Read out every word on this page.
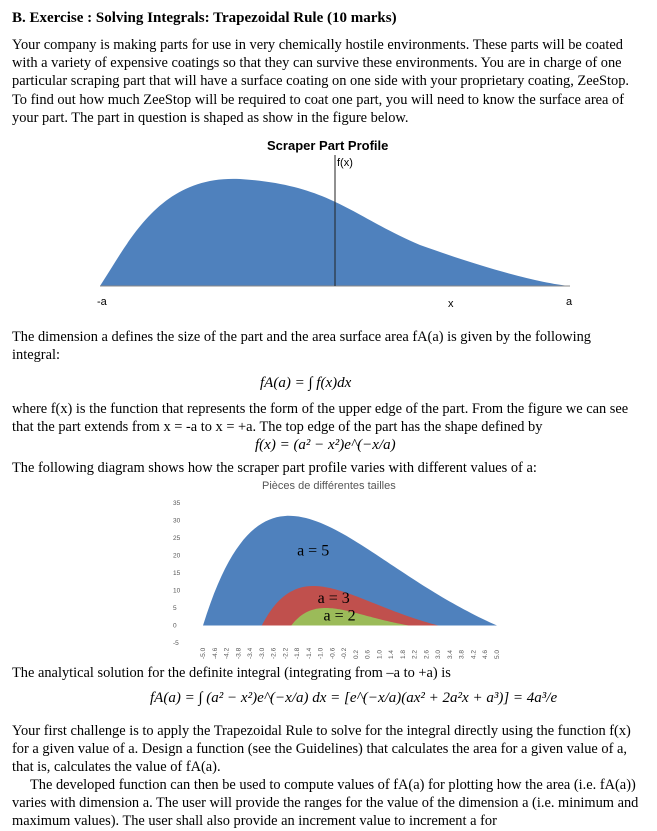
B. Exercise : Solving Integrals: Trapezoidal Rule (10 marks)
Your company is making parts for use in very chemically hostile environments. These parts will be coated with a variety of expensive coatings so that they can survive these environments. You are in charge of one particular scraping part that will have a surface coating on one side with your proprietary coating, ZeeStop. To find out how much ZeeStop will be required to coat one part, you will need to know the surface area of your part. The part in question is shaped as show in the figure below.
Scraper Part Profile
f(x)
-a	x	a
The dimension a defines the size of the part and the area surface area fA(a) is given by the following integral:
fA(a) = ∫ f(x)dx
where f(x) is the function that represents the form of the upper edge of the part. From the figure we can see that the part extends from x = -a to x = +a. The top edge of the part has the shape defined by
f(x) = (a² − x²)e^(−x/a)
The following diagram shows how the scraper part profile varies with different values of a:
Pièces de différentes tailles
-5
0
5
10
15
20
25
30
35
a = 5
a = 3
a = 2
-5.0 -4.6 -4.2 -3.8 -3.4 -3.0 -2.6 -2.2 -1.8 -1.4 -1.0 -0.6 -0.2 0.2 0.6 1.0 1.4 1.8 2.2 2.6 3.0 3.4 3.8 4.2 4.6 5.0
The analytical solution for the definite integral (integrating from –a to +a) is
fA(a) = ∫ (a² − x²)e^(−x/a) dx = [e^(−x/a)(ax² + 2a²x + a³)] = 4a³/e
Your first challenge is to apply the Trapezoidal Rule to solve for the integral directly using the function f(x) for a given value of a. Design a function (see the Guidelines) that calculates the area for a given value of a, that is, calculates the value of fA(a).
The developed function can then be used to compute values of fA(a) for plotting how the area (i.e. fA(a)) varies with dimension a. The user will provide the ranges for the value of the dimension a (i.e. minimum and maximum values). The user shall also provide an increment value to increment a for
